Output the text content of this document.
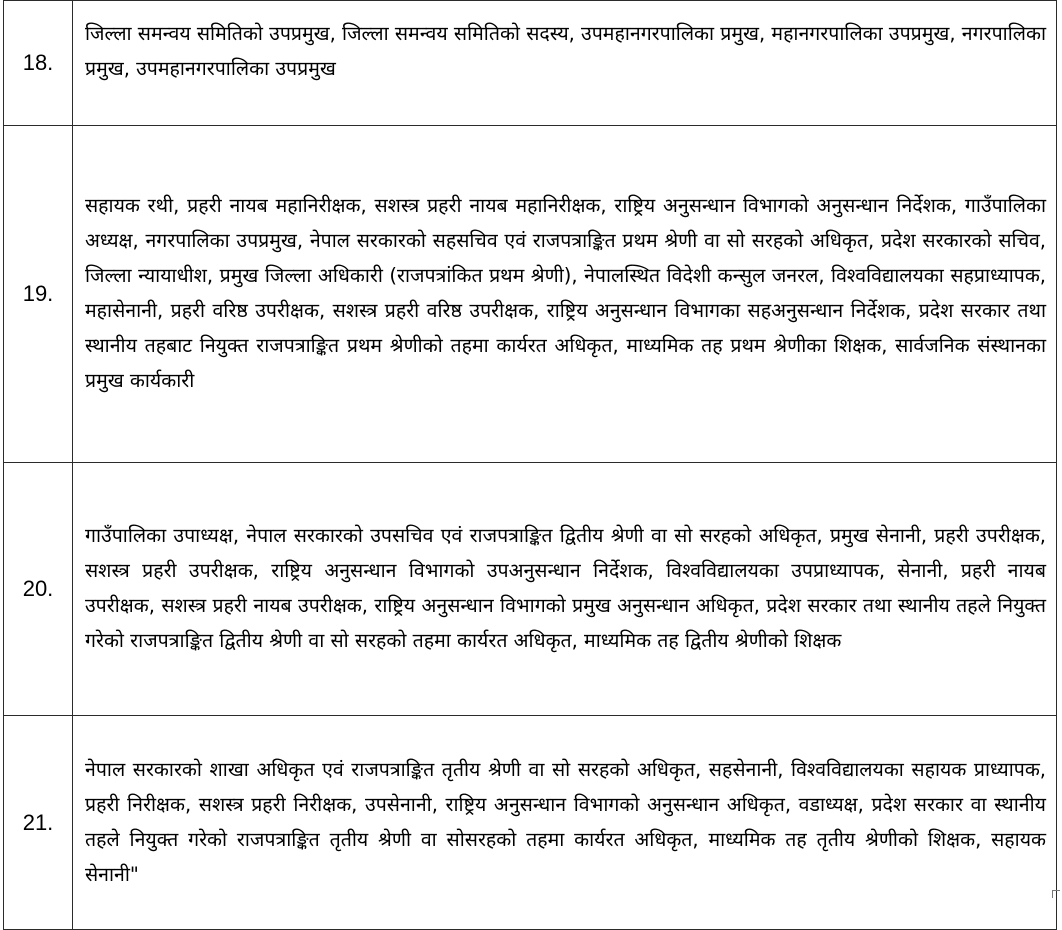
18.	जिल्ला समन्वय समितिको उपप्रमुख, जिल्ला समन्वय समितिको सदस्य, उपमहानगरपालिका प्रमुख, महानगरपालिका उपप्रमुख, नगरपालिका प्रमुख, उपमहानगरपालिका उपप्रमुख
19.	सहायक रथी, प्रहरी नायब महानिरीक्षक, सशस्त्र प्रहरी नायब महानिरीक्षक, राष्ट्रिय अनुसन्धान विभागको अनुसन्धान निर्देशक, गाउँपालिका अध्यक्ष, नगरपालिका उपप्रमुख, नेपाल सरकारको सहसचिव एवं राजपत्राङ्कित प्रथम श्रेणी वा सो सरहको अधिकृत, प्रदेश सरकारको सचिव, जिल्ला न्यायाधीश, प्रमुख जिल्ला अधिकारी (राजपत्रांकित प्रथम श्रेणी), नेपालस्थित विदेशी कन्सुल जनरल, विश्वविद्यालयका सहप्राध्यापक, महासेनानी, प्रहरी वरिष्ठ उपरीक्षक, सशस्त्र प्रहरी वरिष्ठ उपरीक्षक, राष्ट्रिय अनुसन्धान विभागका सहअनुसन्धान निर्देशक, प्रदेश सरकार तथा स्थानीय तहबाट नियुक्त राजपत्राङ्कित प्रथम श्रेणीको तहमा कार्यरत अधिकृत, माध्यमिक तह प्रथम श्रेणीका शिक्षक, सार्वजनिक संस्थानका प्रमुख कार्यकारी
20.	गाउँपालिका उपाध्यक्ष, नेपाल सरकारको उपसचिव एवं राजपत्राङ्कित द्वितीय श्रेणी वा सो सरहको अधिकृत, प्रमुख सेनानी, प्रहरी उपरीक्षक, सशस्त्र प्रहरी उपरीक्षक, राष्ट्रिय अनुसन्धान विभागको उपअनुसन्धान निर्देशक, विश्वविद्यालयका उपप्राध्यापक, सेनानी, प्रहरी नायब उपरीक्षक, सशस्त्र प्रहरी नायब उपरीक्षक, राष्ट्रिय अनुसन्धान विभागको प्रमुख अनुसन्धान अधिकृत, प्रदेश सरकार तथा स्थानीय तहले नियुक्त गरेको राजपत्राङ्कित द्वितीय श्रेणी वा सो सरहको तहमा कार्यरत अधिकृत, माध्यमिक तह द्वितीय श्रेणीको शिक्षक
21.	नेपाल सरकारको शाखा अधिकृत एवं राजपत्राङ्कित तृतीय श्रेणी वा सो सरहको अधिकृत, सहसेनानी, विश्वविद्यालयका सहायक प्राध्यापक, प्रहरी निरीक्षक, सशस्त्र प्रहरी निरीक्षक, उपसेनानी, राष्ट्रिय अनुसन्धान विभागको अनुसन्धान अधिकृत, वडाध्यक्ष, प्रदेश सरकार वा स्थानीय तहले नियुक्त गरेको राजपत्राङ्कित तृतीय श्रेणी वा सोसरहको तहमा कार्यरत अधिकृत, माध्यमिक तह तृतीय श्रेणीको शिक्षक, सहायक सेनानी"
